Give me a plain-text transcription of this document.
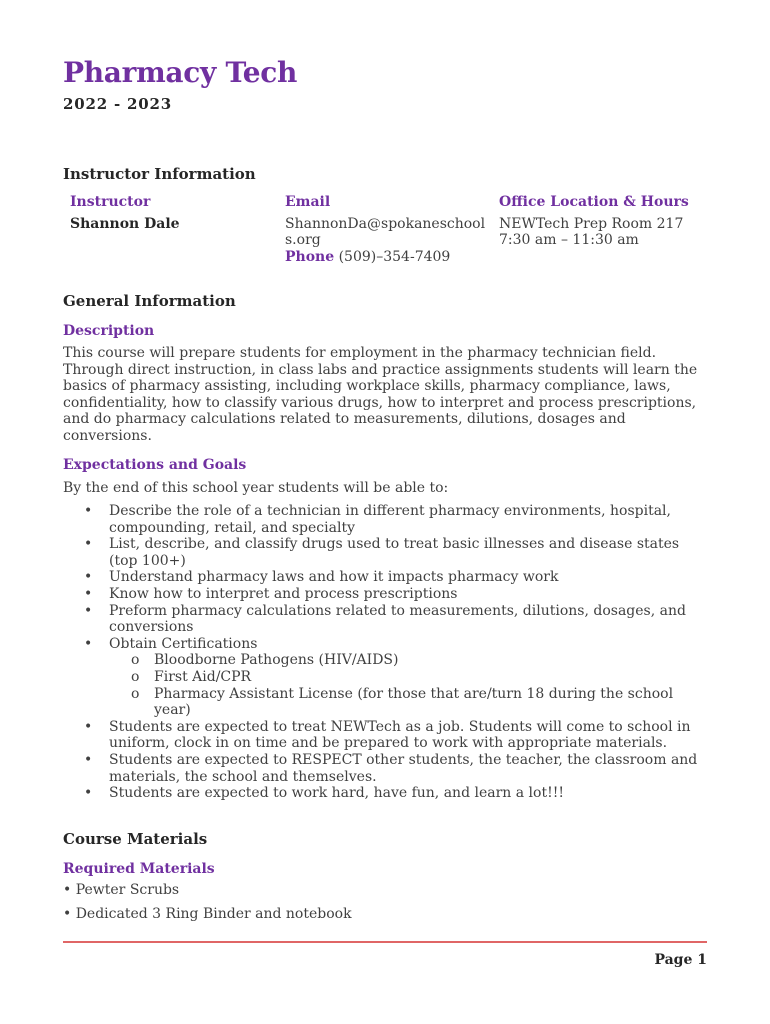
Pharmacy Tech
2022 - 2023
Instructor Information
Instructor
Shannon Dale
Email
ShannonDa@spokaneschool
s.org
Phone (509)–354-7409
Office Location & Hours
NEWTech Prep Room 217
7:30 am – 11:30 am
General Information
Description
This course will prepare students for employment in the pharmacy technician field. Through direct instruction, in class labs and practice assignments students will learn the basics of pharmacy assisting, including workplace skills, pharmacy compliance, laws, confidentiality, how to classify various drugs, how to interpret and process prescriptions, and do pharmacy calculations related to measurements, dilutions, dosages and conversions.
Expectations and Goals
By the end of this school year students will be able to:
• Describe the role of a technician in different pharmacy environments, hospital, compounding, retail, and specialty
• List, describe, and classify drugs used to treat basic illnesses and disease states (top 100+)
• Understand pharmacy laws and how it impacts pharmacy work
• Know how to interpret and process prescriptions
• Preform pharmacy calculations related to measurements, dilutions, dosages, and conversions
• Obtain Certifications
o Bloodborne Pathogens (HIV/AIDS)
o First Aid/CPR
o Pharmacy Assistant License (for those that are/turn 18 during the school year)
• Students are expected to treat NEWTech as a job. Students will come to school in uniform, clock in on time and be prepared to work with appropriate materials.
• Students are expected to RESPECT other students, the teacher, the classroom and materials, the school and themselves.
• Students are expected to work hard, have fun, and learn a lot!!!
Course Materials
Required Materials
• Pewter Scrubs
• Dedicated 3 Ring Binder and notebook
Page 1
